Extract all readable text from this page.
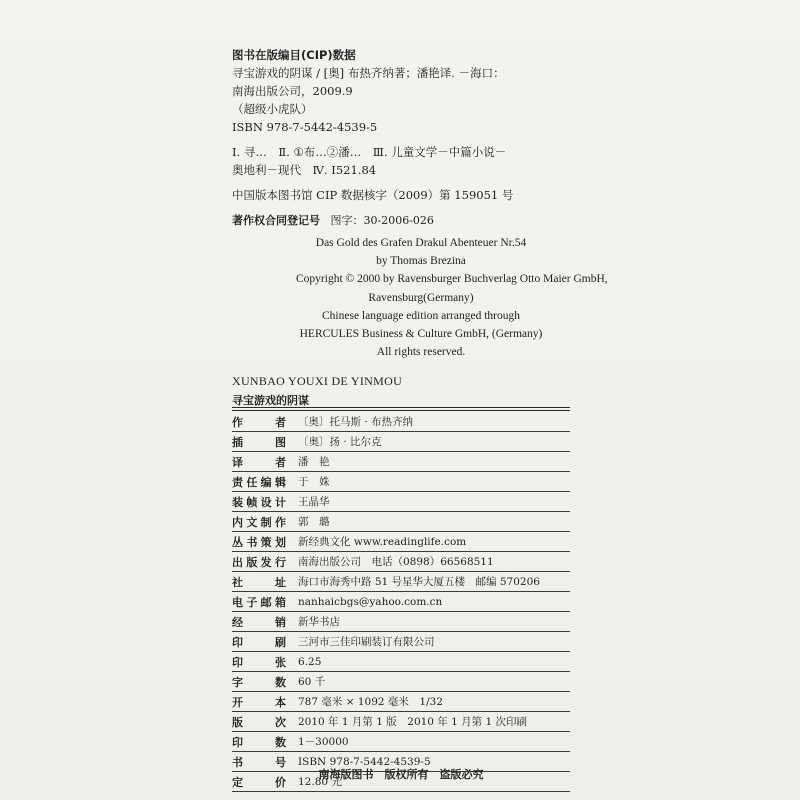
图书在版编目(CIP)数据
寻宝游戏的阴谋 / [奥] 布热齐纳著；潘艳译. －海口：
南海出版公司，2009.9
（超级小虎队）
ISBN 978-7-5442-4539-5
Ⅰ. 寻…　Ⅱ. ①布…②潘…　Ⅲ. 儿童文学－中篇小说－
奥地利－现代　Ⅳ. I521.84
中国版本图书馆 CIP 数据核字（2009）第 159051 号
著作权合同登记号 图字：30-2006-026
Das Gold des Grafen Drakul Abenteuer Nr.54
by Thomas Brezina
Copyright © 2000 by Ravensburger Buchverlag Otto Maier GmbH,
Ravensburg(Germany)
Chinese language edition arranged through
HERCULES Business & Culture GmbH, (Germany)
All rights reserved.
XUNBAO YOUXI DE YINMOU
寻宝游戏的阴谋
作者	〔奥〕托马斯 · 布热齐纳
插图	〔奥〕扬 · 比尔克
译者	潘　艳
责任编辑	于　姝
装帧设计	王晶华
内文制作	郭　璐
丛书策划	新经典文化 www.readinglife.com
出版发行	南海出版公司　电话（0898）66568511
社址	海口市海秀中路 51 号星华大厦五楼　邮编 570206
电子邮箱	nanhaicbgs@yahoo.com.cn
经销	新华书店
印刷	三河市三佳印刷装订有限公司
印张	6.25
字数	60 千
开本	787 毫米 × 1092 毫米　1/32
版次	2010 年 1 月第 1 版　2010 年 1 月第 1 次印刷
印数	1－30000
书号	ISBN 978-7-5442-4539-5
定价	12.80 元
南海版图书　版权所有　盗版必究
